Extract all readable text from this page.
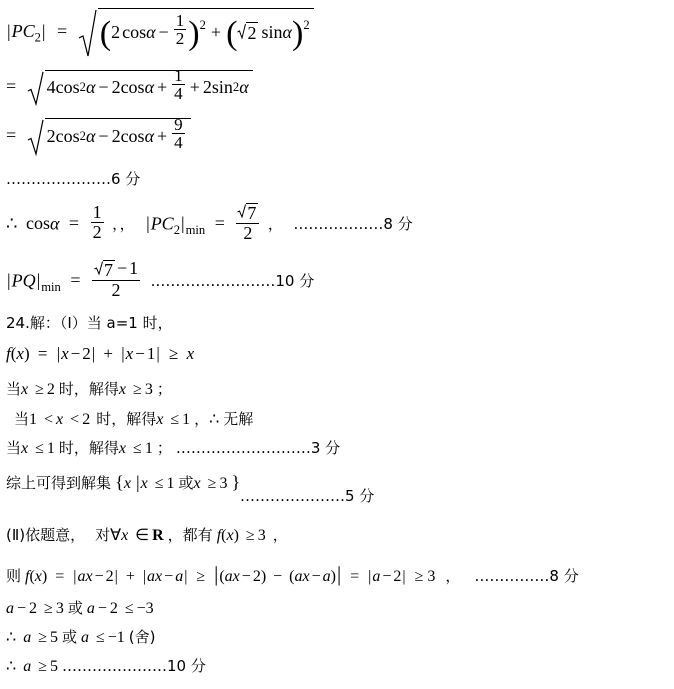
$|PC_2|$ = ( 2 $\cos \alpha - \frac{1}{2}$ ) 2 + ( 2 sin α ) 2
= 4 cos 2 α − 2 $\cos \alpha + \frac{1}{4} + 2$ sin 2 α
= 2 cos 2 α − 2 $\cos \alpha + \frac{9}{4}$
…………………6 分
∴ $\cos\alpha = \frac{1}{2}$ ，， $|PC_2|_{min} = \frac{7}{2}$ ， ………………8 分
$|PQ|_{min} = \frac{7 - 1}{2}$ .……………………10 分
24.解：（Ⅰ）当 a=1 时，
f(x) = |x − 2| + |x − 1| ≥ x
当x ≥ 2 时，解得x ≥ 3 ；
当1 < x < 2 时，解得x ≤ 1 ，∴ 无解
当x ≤ 1 时，解得x ≤ 1 ； ………………………3 分
综上可得到解集 {x |x ≤ 1 或x ≥ 3 }
…………………5 分
(Ⅱ)依题意， 对∀x ∈ R ，都有 f(x) ≥ 3 ，
则 f(x) = |ax − 2| + |ax − a| ≥ |(ax − 2) − (ax − a)| = |a − 2| ≥ 3 ， ……………8 分
a − 2 ≥ 3 或 a − 2 ≤ −3
∴ a ≥ 5 或 a ≤ −1 (舍)
∴ a ≥ 5 …………………10 分
